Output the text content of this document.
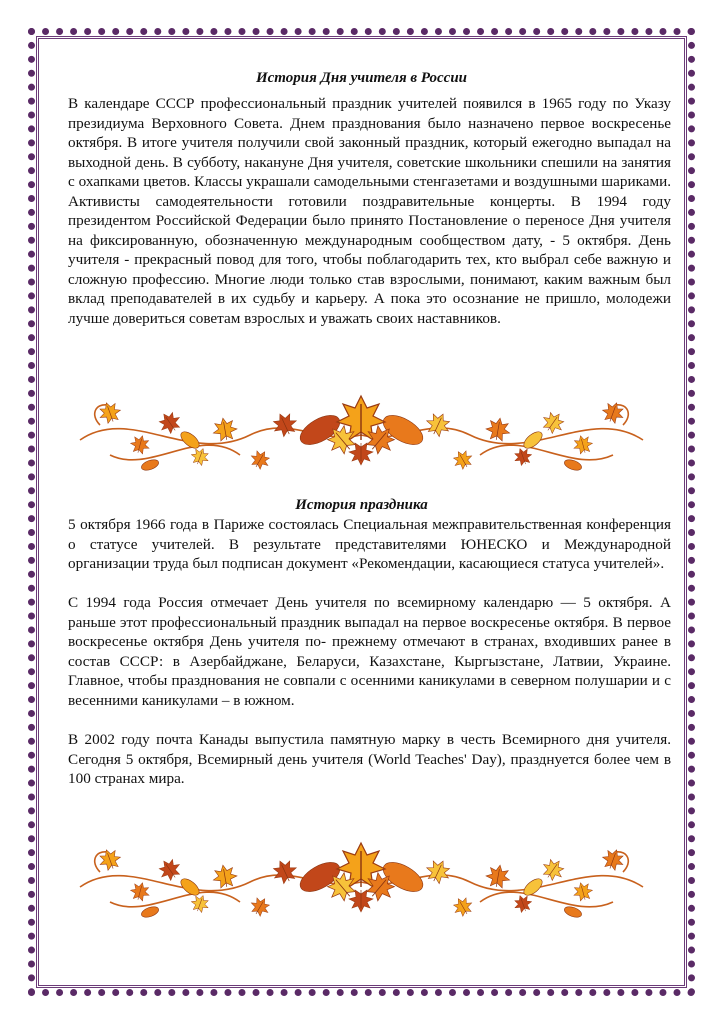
История Дня учителя в России

В календаре СССР профессиональный праздник учителей появился в 1965 году по Указу президиума Верховного Совета. Днем празднования было назначено первое воскресенье октября. В итоге учителя получили свой законный праздник, который ежегодно выпадал на выходной день. В субботу, накануне Дня учителя, советские школьники спешили на занятия с охапками цветов. Классы украшали самодельными стенгазетами и воздушными шариками. Активисты самодеятельности готовили поздравительные концерты. В 1994 году президентом Российской Федерации было принято Постановление о переносе Дня учителя на фиксированную, обозначенную международным сообществом дату, - 5 октября. День учителя - прекрасный повод для того, чтобы поблагодарить тех, кто выбрал себе важную и сложную профессию. Многие люди только став взрослыми, понимают, каким важным был вклад преподавателей в их судьбу и карьеру. А пока это осознание не пришло, молодежи лучше довериться советам взрослых и уважать своих наставников.

История праздника

5 октября 1966 года в Париже состоялась Специальная межправительственная конференция о статусе учителей. В результате представителями ЮНЕСКО и Международной организации труда был подписан документ «Рекомендации, касающиеся статуса учителей».

С 1994 года Россия отмечает День учителя по всемирному календарю — 5 октября. А раньше этот профессиональный праздник выпадал на первое воскресенье октября. В первое воскресенье октября День учителя по- прежнему отмечают в странах, входивших ранее в состав СССР: в Азербайджане, Беларуси, Казахстане, Кыргызстане, Латвии, Украине. Главное, чтобы празднования не совпали с осенними каникулами в северном полушарии и с весенними каникулами – в южном.

В 2002 году почта Канады выпустила памятную марку в честь Всемирного дня учителя. Сегодня 5 октября, Всемирный день учителя (World Teaches' Day), празднуется более чем в 100 странах мира.
